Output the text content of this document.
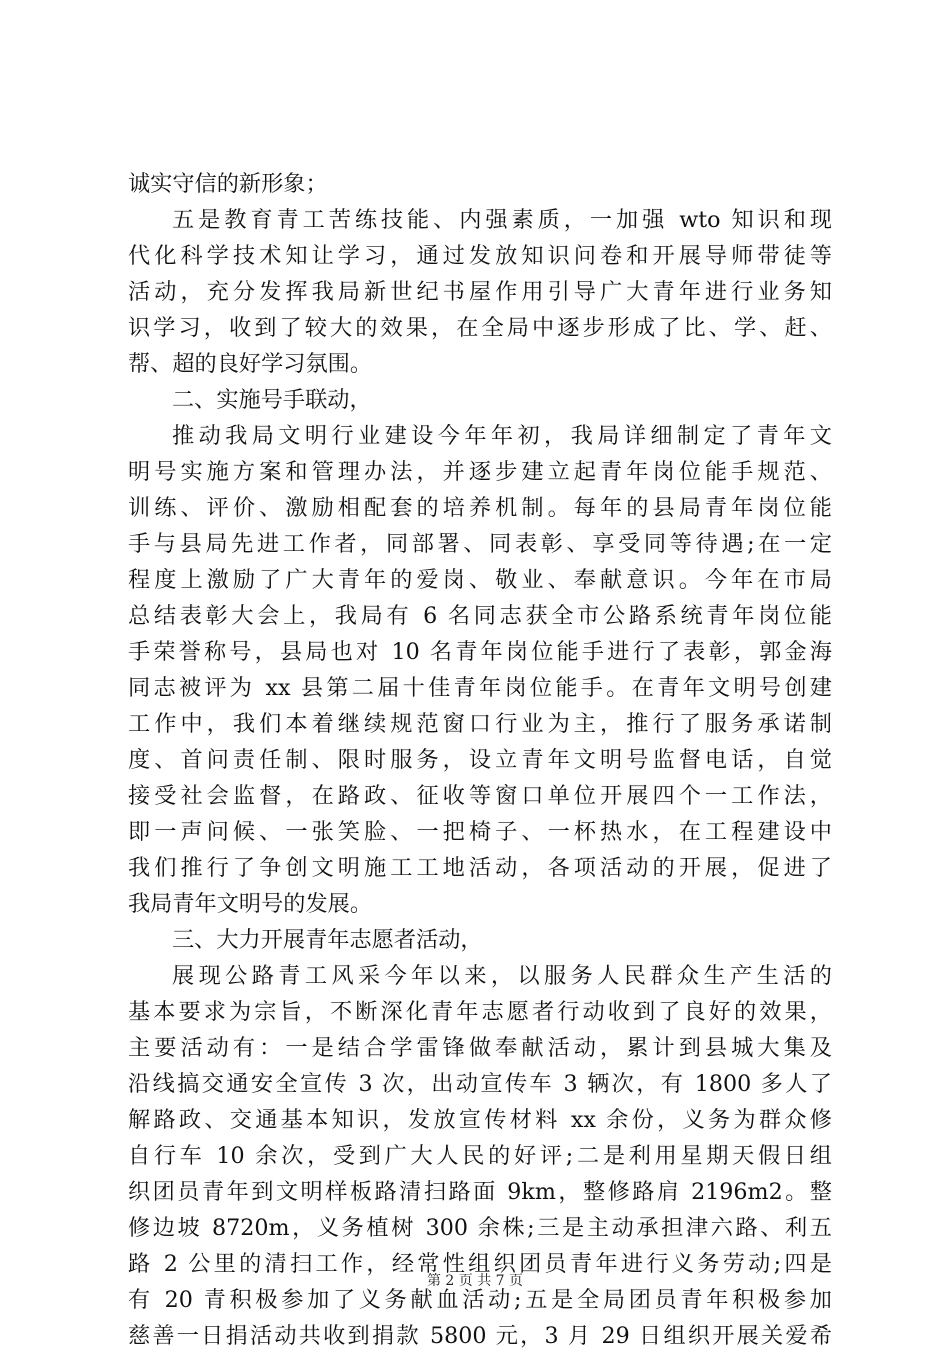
诚实守信的新形象；
五是教育青工苦练技能、内强素质，一加强 wto 知识和现
代化科学技术知让学习，通过发放知识问卷和开展导师带徒等
活动，充分发挥我局新世纪书屋作用引导广大青年进行业务知
识学习，收到了较大的效果，在全局中逐步形成了比、学、赶、
帮、超的良好学习氛围。
二、实施号手联动，
推动我局文明行业建设今年年初，我局详细制定了青年文
明号实施方案和管理办法，并逐步建立起青年岗位能手规范、
训练、评价、激励相配套的培养机制。每年的县局青年岗位能
手与县局先进工作者，同部署、同表彰、享受同等待遇;在一定
程度上激励了广大青年的爱岗、敬业、奉献意识。今年在市局
总结表彰大会上，我局有 6 名同志获全市公路系统青年岗位能
手荣誉称号，县局也对 10 名青年岗位能手进行了表彰，郭金海
同志被评为 xx 县第二届十佳青年岗位能手。在青年文明号创建
工作中，我们本着继续规范窗口行业为主，推行了服务承诺制
度、首问责任制、限时服务，设立青年文明号监督电话，自觉
接受社会监督，在路政、征收等窗口单位开展四个一工作法，
即一声问候、一张笑脸、一把椅子、一杯热水，在工程建设中
我们推行了争创文明施工工地活动，各项活动的开展，促进了
我局青年文明号的发展。
三、大力开展青年志愿者活动，
展现公路青工风采今年以来，以服务人民群众生产生活的
基本要求为宗旨，不断深化青年志愿者行动收到了良好的效果，
主要活动有：一是结合学雷锋做奉献活动，累计到县城大集及
沿线搞交通安全宣传 3 次，出动宣传车 3 辆次，有 1800 多人了
解路政、交通基本知识，发放宣传材料 xx 余份，义务为群众修
自行车 10 余次，受到广大人民的好评;二是利用星期天假日组
织团员青年到文明样板路清扫路面 9km，整修路肩 2196m2。整
修边坡 8720m，义务植树 300 余株;三是主动承担津六路、利五
路 2 公里的清扫工作，经常性组织团员青年进行义务劳动;四是
有 20 青积极参加了义务献血活动;五是全局团员青年积极参加
慈善一日捐活动共收到捐款 5800 元，3 月 29 日组织开展关爱希
第 2 页 共 7 页
